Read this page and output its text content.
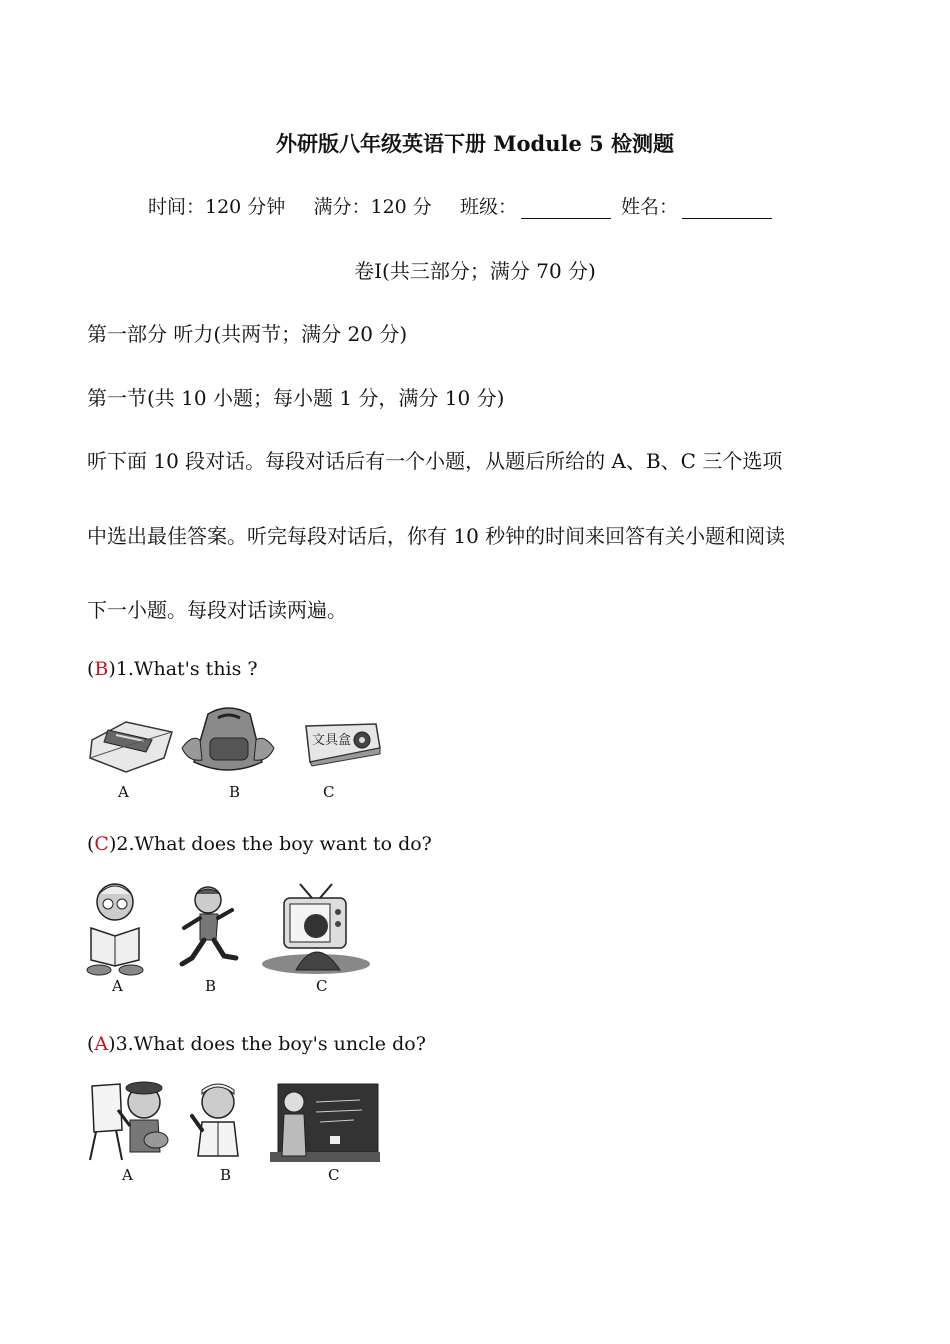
外研版八年级英语下册 Module 5 检测题
时间：120 分钟 满分：120 分 班级：	姓名：
卷Ⅰ(共三部分；满分 70 分)
第一部分 听力(共两节；满分 20 分)
第一节(共 10 小题；每小题 1 分，满分 10 分)
听下面 10 段对话。每段对话后有一个小题，从题后所给的 A、B、C 三个选项
中选出最佳答案。听完每段对话后，你有 10 秒钟的时间来回答有关小题和阅读
下一小题。每段对话读两遍。
(B)1.What's this ?
文具盒
A	B	C
(C)2.What does the boy want to do?
A	B	C
(A)3.What does the boy's uncle do?
A	B	C
